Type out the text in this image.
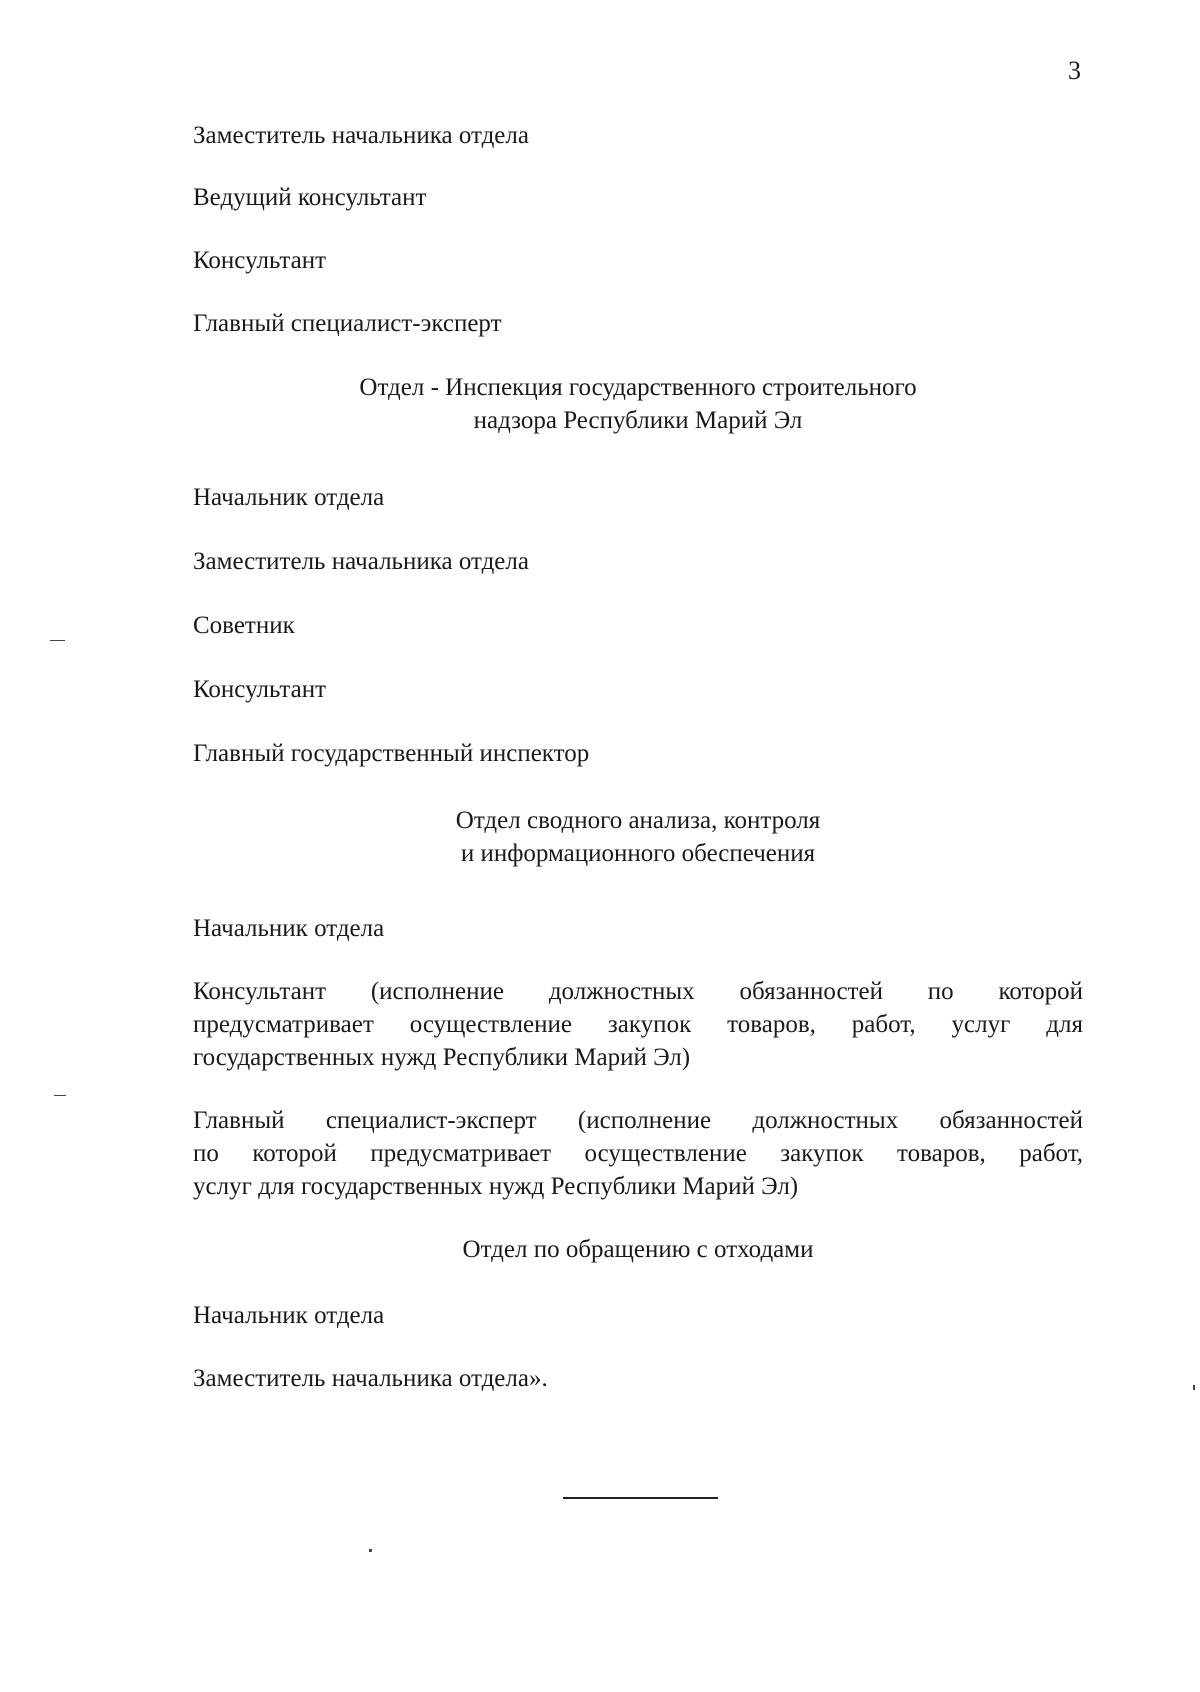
3
Заместитель начальника отдела
Ведущий консультант
Консультант
Главный специалист-эксперт
Отдел - Инспекция государственного строительного
надзора Республики Марий Эл
Начальник отдела
Заместитель начальника отдела
Советник
Консультант
Главный государственный инспектор
Отдел сводного анализа, контроля
и информационного обеспечения
Начальник отдела
Консультант (исполнение должностных обязанностей по которой
предусматривает осуществление закупок товаров, работ, услуг для
государственных нужд Республики Марий Эл)
Главный специалист-эксперт (исполнение должностных обязанностей
по которой предусматривает осуществление закупок товаров, работ,
услуг для государственных нужд Республики Марий Эл)
Отдел по обращению с отходами
Начальник отдела
Заместитель начальника отдела».
